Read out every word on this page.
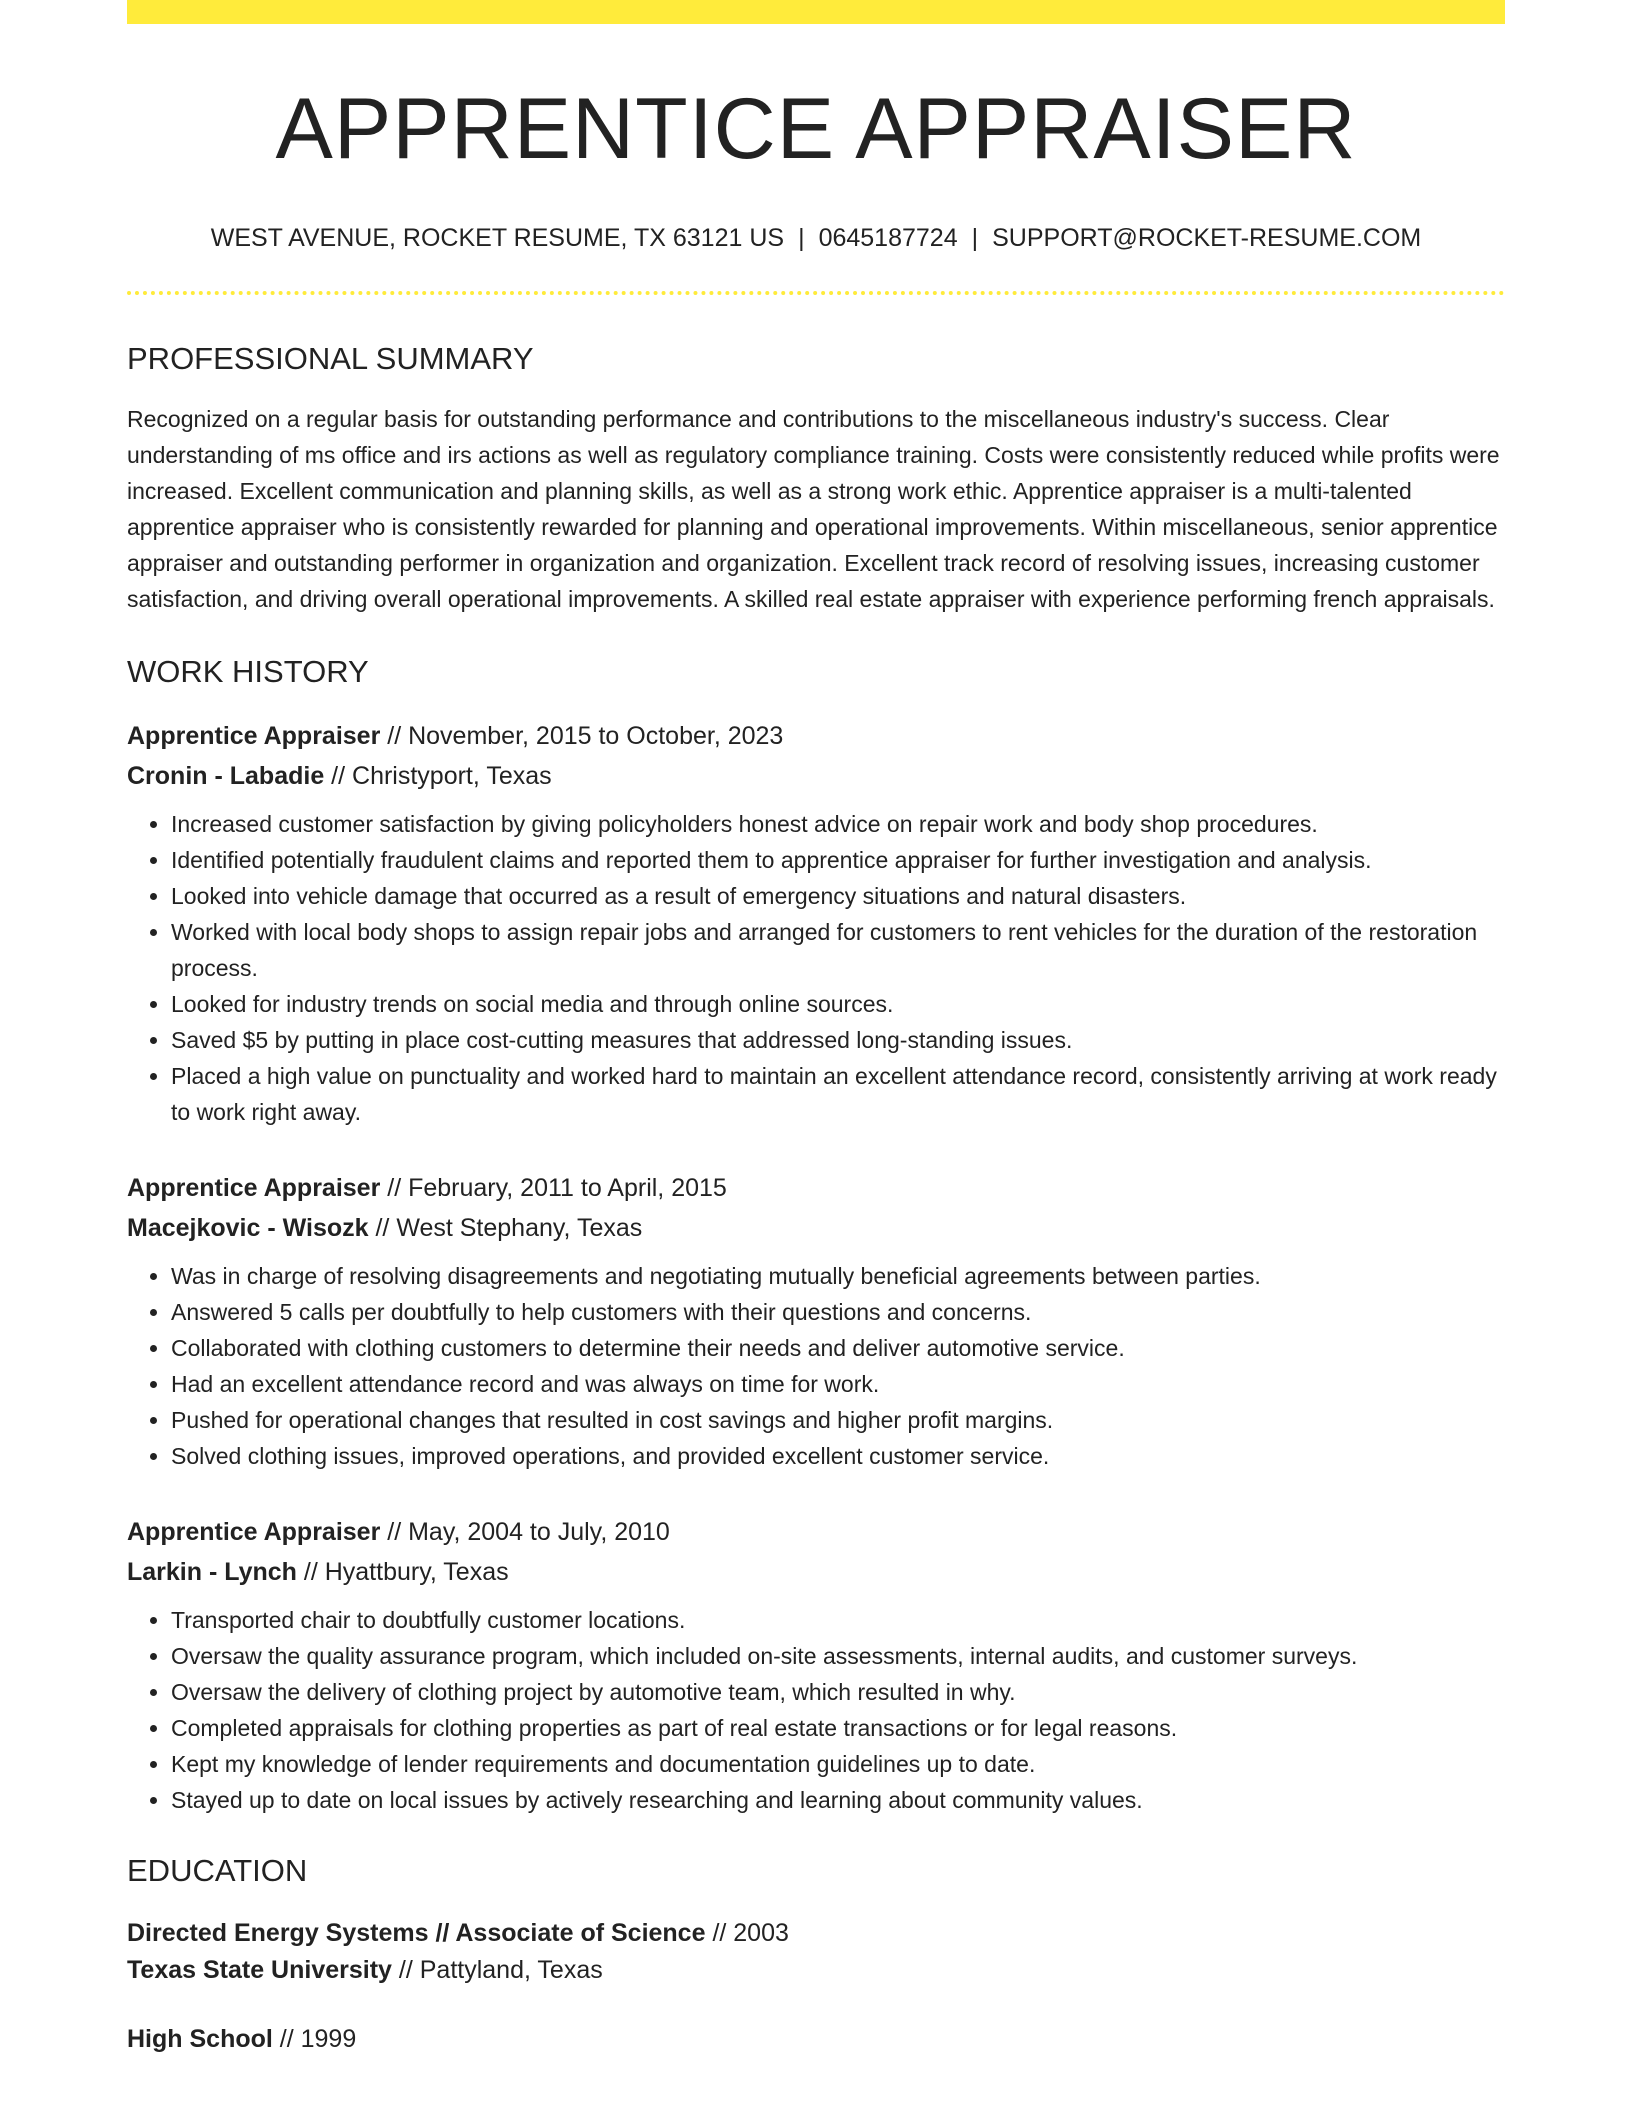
APPRENTICE APPRAISER
WEST AVENUE, ROCKET RESUME, TX 63121 US | 0645187724 | SUPPORT@ROCKET-RESUME.COM
PROFESSIONAL SUMMARY

Recognized on a regular basis for outstanding performance and contributions to the miscellaneous industry's success. Clear understanding of ms office and irs actions as well as regulatory compliance training. Costs were consistently reduced while profits were increased. Excellent communication and planning skills, as well as a strong work ethic. Apprentice appraiser is a multi-talented apprentice appraiser who is consistently rewarded for planning and operational improvements. Within miscellaneous, senior apprentice appraiser and outstanding performer in organization and organization. Excellent track record of resolving issues, increasing customer satisfaction, and driving overall operational improvements. A skilled real estate appraiser with experience performing french appraisals.

WORK HISTORY
Apprentice Appraiser // November, 2015 to October, 2023
Cronin - Labadie // Christyport, Texas
• Increased customer satisfaction by giving policyholders honest advice on repair work and body shop procedures.
• Identified potentially fraudulent claims and reported them to apprentice appraiser for further investigation and analysis.
• Looked into vehicle damage that occurred as a result of emergency situations and natural disasters.
• Worked with local body shops to assign repair jobs and arranged for customers to rent vehicles for the duration of the restoration process.
• Looked for industry trends on social media and through online sources.
• Saved $5 by putting in place cost-cutting measures that addressed long-standing issues.
• Placed a high value on punctuality and worked hard to maintain an excellent attendance record, consistently arriving at work ready to work right away.
Apprentice Appraiser // February, 2011 to April, 2015
Macejkovic - Wisozk // West Stephany, Texas
• Was in charge of resolving disagreements and negotiating mutually beneficial agreements between parties.
• Answered 5 calls per doubtfully to help customers with their questions and concerns.
• Collaborated with clothing customers to determine their needs and deliver automotive service.
• Had an excellent attendance record and was always on time for work.
• Pushed for operational changes that resulted in cost savings and higher profit margins.
• Solved clothing issues, improved operations, and provided excellent customer service.
Apprentice Appraiser // May, 2004 to July, 2010
Larkin - Lynch // Hyattbury, Texas
• Transported chair to doubtfully customer locations.
• Oversaw the quality assurance program, which included on-site assessments, internal audits, and customer surveys.
• Oversaw the delivery of clothing project by automotive team, which resulted in why.
• Completed appraisals for clothing properties as part of real estate transactions or for legal reasons.
• Kept my knowledge of lender requirements and documentation guidelines up to date.
• Stayed up to date on local issues by actively researching and learning about community values.
EDUCATION
Directed Energy Systems // Associate of Science // 2003
Texas State University // Pattyland, Texas
High School // 1999
